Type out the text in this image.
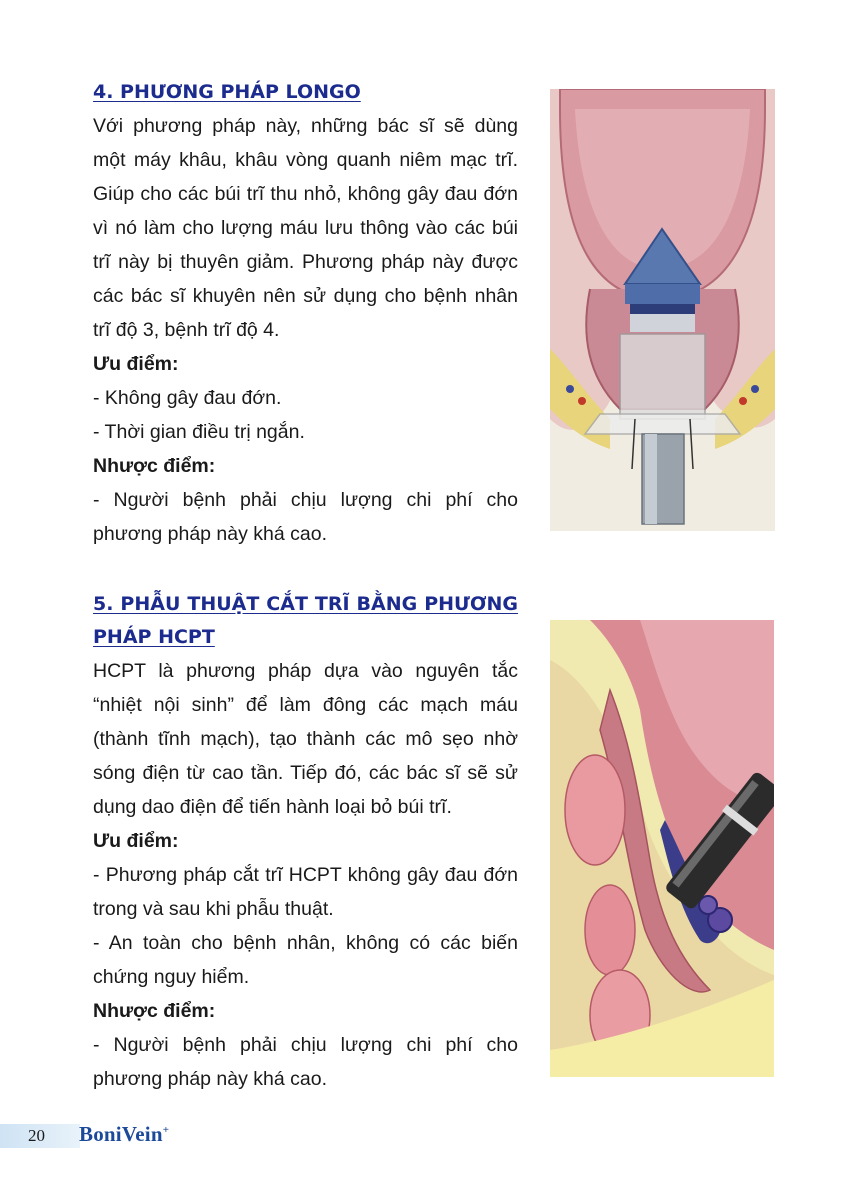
4. PHƯƠNG PHÁP LONGO

Với phương pháp này, những bác sĩ sẽ dùng một máy khâu, khâu vòng quanh niêm mạc trĩ. Giúp cho các búi trĩ thu nhỏ, không gây đau đớn vì nó làm cho lượng máu lưu thông vào các búi trĩ này bị thuyên giảm. Phương pháp này được các bác sĩ khuyên nên sử dụng cho bệnh nhân trĩ độ 3, bệnh trĩ độ 4.

Ưu điểm:

- Không gây đau đớn.

- Thời gian điều trị ngắn.

Nhược điểm:

- Người bệnh phải chịu lượng chi phí cho phương pháp này khá cao.

5. PHẪU THUẬT CẮT TRĨ BẰNG PHƯƠNG PHÁP HCPT

HCPT là phương pháp dựa vào nguyên tắc “nhiệt nội sinh” để làm đông các mạch máu (thành tĩnh mạch), tạo thành các mô sẹo nhờ sóng điện từ cao tần. Tiếp đó, các bác sĩ sẽ sử dụng dao điện để tiến hành loại bỏ búi trĩ.

Ưu điểm:

- Phương pháp cắt trĩ HCPT không gây đau đớn trong và sau khi phẫu thuật.

- An toàn cho bệnh nhân, không có các biến chứng nguy hiểm.

Nhược điểm:

- Người bệnh phải chịu lượng chi phí cho phương pháp này khá cao.

20 BoniVein+
